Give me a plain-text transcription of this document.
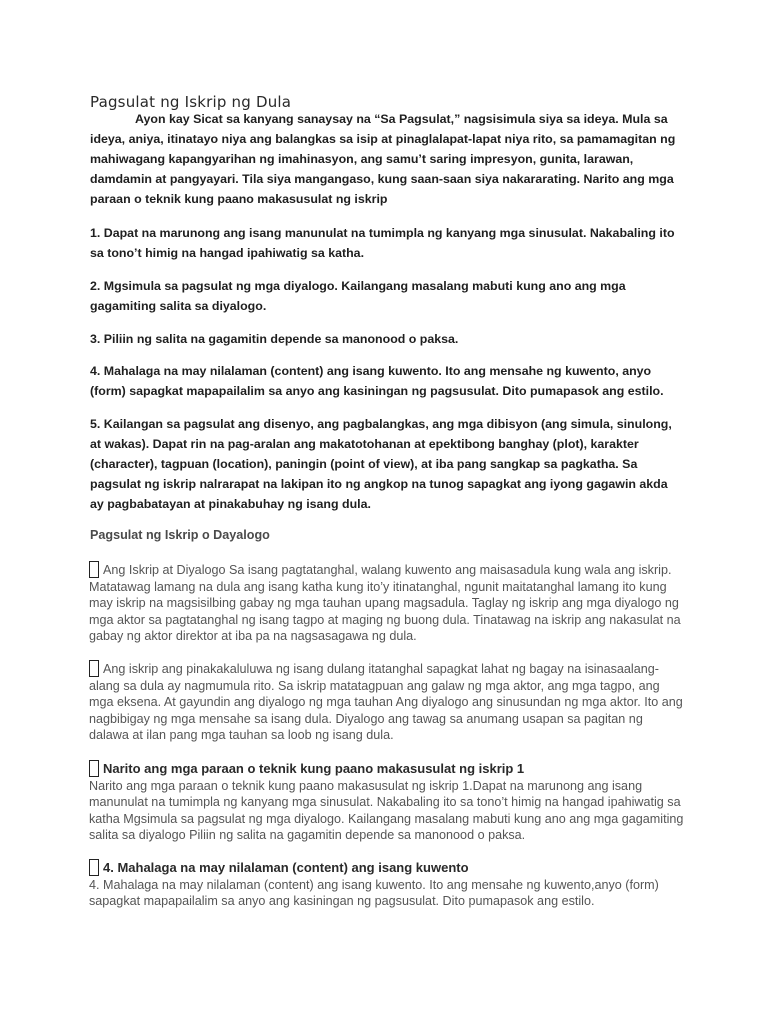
Pagsulat ng Iskrip ng Dula

Ayon kay Sicat sa kanyang sanaysay na “Sa Pagsulat,” nagsisimula siya sa ideya. Mula sa ideya, aniya, itinatayo niya ang balangkas sa isip at pinaglalapat-lapat niya rito, sa pamamagitan ng mahiwagang kapangyarihan ng imahinasyon, ang samu’t saring impresyon, gunita, larawan, damdamin at pangyayari. Tila siya mangangaso, kung saan-saan siya nakararating. Narito ang mga paraan o teknik kung paano makasusulat ng iskrip

1. Dapat na marunong ang isang manunulat na tumimpla ng kanyang mga sinusulat. Nakabaling ito sa tono’t himig na hangad ipahiwatig sa katha.

2. Mgsimula sa pagsulat ng mga diyalogo. Kailangang masalang mabuti kung ano ang mga gagamiting salita sa diyalogo.

3. Piliin ng salita na gagamitin depende sa manonood o paksa.

4. Mahalaga na may nilalaman (content) ang isang kuwento. Ito ang mensahe ng kuwento, anyo (form) sapagkat mapapailalim sa anyo ang kasiningan ng pagsusulat. Dito pumapasok ang estilo.

5. Kailangan sa pagsulat ang disenyo, ang pagbalangkas, ang mga dibisyon (ang simula, sinulong, at wakas). Dapat rin na pag-aralan ang makatotohanan at epektibong banghay (plot), karakter (character), tagpuan (location), paningin (point of view), at iba pang sangkap sa pagkatha. Sa pagsulat ng iskrip nalrarapat na lakipan ito ng angkop na tunog sapagkat ang iyong gagawin akda ay pagbabatayan at pinakabuhay ng isang dula.

Pagsulat ng Iskrip o Dayalogo
Ang Iskrip at Diyalogo Sa isang pagtatanghal, walang kuwento ang maisasadula kung wala ang iskrip. Matatawag lamang na dula ang isang katha kung ito’y itinatanghal, ngunit maitatanghal lamang ito kung may iskrip na magsisilbing gabay ng mga tauhan upang magsadula. Taglay ng iskrip ang mga diyalogo ng mga aktor sa pagtatanghal ng isang tagpo at maging ng buong dula. Tinatawag na iskrip ang nakasulat na gabay ng aktor direktor at iba pa na nagsasagawa ng dula.
Ang iskrip ang pinakakaluluwa ng isang dulang itatanghal sapagkat lahat ng bagay na isinasaalang-alang sa dula ay nagmumula rito. Sa iskrip matatagpuan ang galaw ng mga aktor, ang mga tagpo, ang mga eksena. At gayundin ang diyalogo ng mga tauhan Ang diyalogo ang sinusundan ng mga aktor. Ito ang nagbibigay ng mga mensahe sa isang dula. Diyalogo ang tawag sa anumang usapan sa pagitan ng dalawa at ilan pang mga tauhan sa loob ng isang dula.
Narito ang mga paraan o teknik kung paano makasusulat ng iskrip 1
Narito ang mga paraan o teknik kung paano makasusulat ng iskrip 1.Dapat na marunong ang isang manunulat na tumimpla ng kanyang mga sinusulat. Nakabaling ito sa tono’t himig na hangad ipahiwatig sa katha Mgsimula sa pagsulat ng mga diyalogo. Kailangang masalang mabuti kung ano ang mga gagamiting salita sa diyalogo Piliin ng salita na gagamitin depende sa manonood o paksa.
4. Mahalaga na may nilalaman (content) ang isang kuwento
4. Mahalaga na may nilalaman (content) ang isang kuwento. Ito ang mensahe ng kuwento,anyo (form) sapagkat mapapailalim sa anyo ang kasiningan ng pagsusulat. Dito pumapasok ang estilo.
